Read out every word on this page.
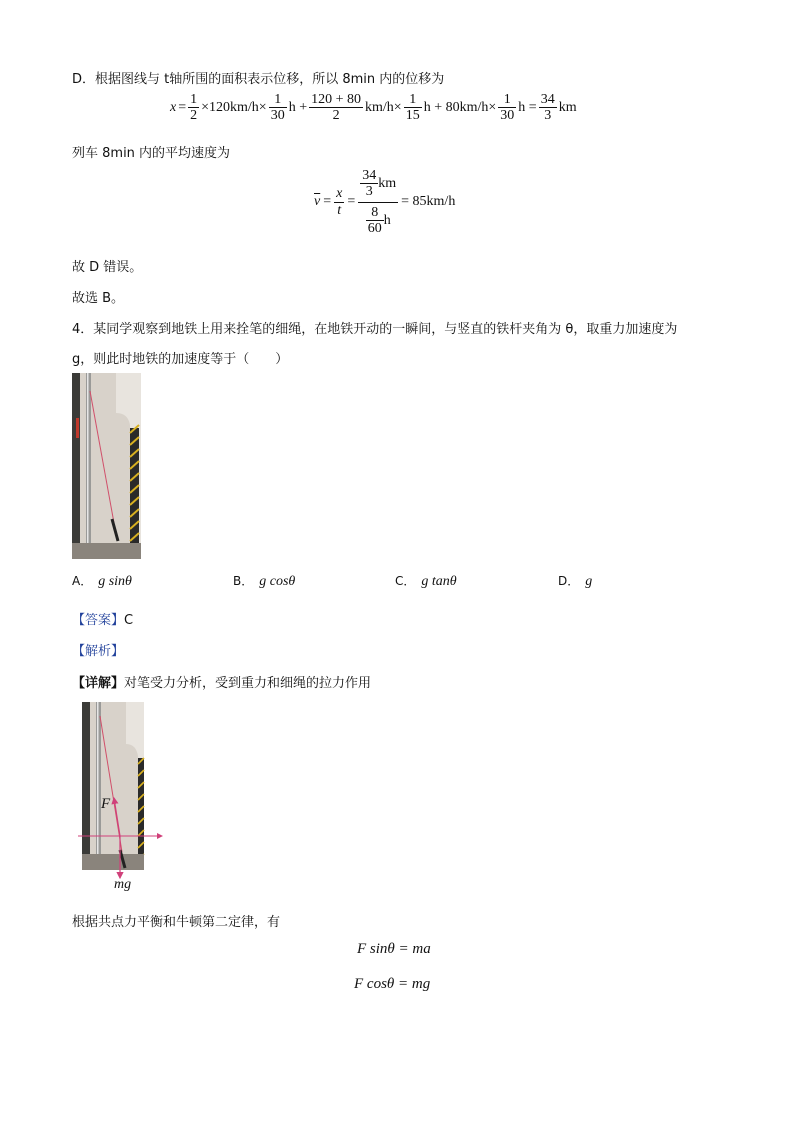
D．根据图线与 t轴所围的面积表示位移，所以 8min 内的位移为
$x = \frac{1}{2} \times 120km/h\times \frac{1}{30}$ $h + \frac{120 + 80}{2} km/h\times \frac{1}{15}$ $h + 80km/h\times \frac{1}{30}$ $h = \frac{34}{3}$ km
列车 8min 内的平均速度为
$\overline{v} = \frac{x}{t} = \frac{\frac{34}{3} km}{\frac{8}{60} h} = 85km/h$
故 D 错误。
故选 B。
4．某同学观察到地铁上用来拴笔的细绳，在地铁开动的一瞬间，与竖直的铁杆夹角为 θ，取重力加速度为
g，则此时地铁的加速度等于（　　）
A． g sinθ	B． g cosθ	C． g tanθ	D． g
【答案】C
【解析】
【详解】对笔受力分析，受到重力和细绳的拉力作用
F
mg
根据共点力平衡和牛顿第二定律，有
F sinθ = ma
F cosθ = mg
